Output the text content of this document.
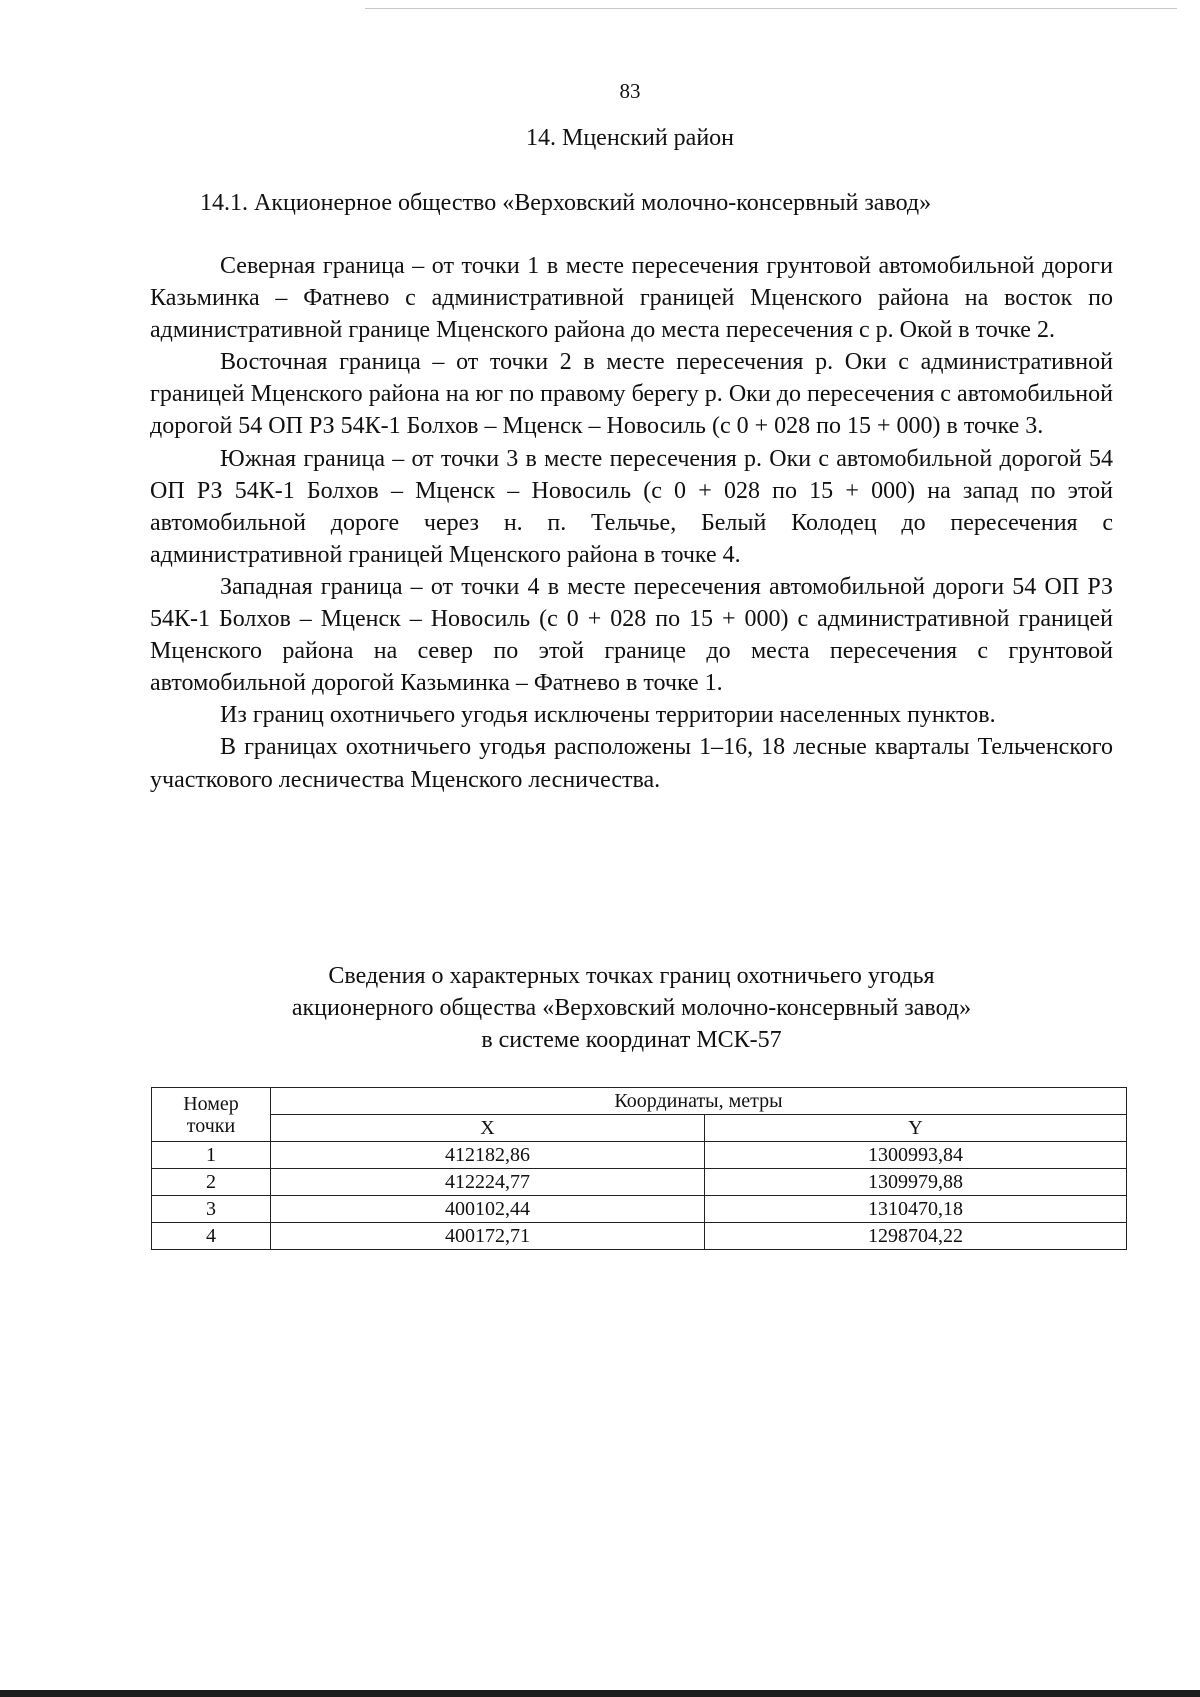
83
14. Мценский район
14.1. Акционерное общество «Верховский молочно-консервный завод»

Северная граница – от точки 1 в месте пересечения грунтовой автомобильной дороги Казьминка – Фатнево с административной границей Мценского района на восток по административной границе Мценского района до места пересечения с р. Окой в точке 2.

Восточная граница – от точки 2 в месте пересечения р. Оки с административной границей Мценского района на юг по правому берегу р. Оки до пересечения с автомобильной дорогой 54 ОП РЗ 54К-1 Болхов – Мценск – Новосиль (с 0 + 028 по 15 + 000) в точке 3.

Южная граница – от точки 3 в месте пересечения р. Оки с автомобильной дорогой 54 ОП РЗ 54К-1 Болхов – Мценск – Новосиль (с 0 + 028 по 15 + 000) на запад по этой автомобильной дороге через н. п. Тельчье, Белый Колодец до пересечения с административной границей Мценского района в точке 4.

Западная граница – от точки 4 в месте пересечения автомобильной дороги 54 ОП РЗ 54К-1 Болхов – Мценск – Новосиль (с 0 + 028 по 15 + 000) с административной границей Мценского района на север по этой границе до места пересечения с грунтовой автомобильной дорогой Казьминка – Фатнево в точке 1.

Из границ охотничьего угодья исключены территории населенных пунктов.

В границах охотничьего угодья расположены 1–16, 18 лесные кварталы Тельченского участкового лесничества Мценского лесничества.

Сведения о характерных точках границ охотничьего угодья
акционерного общества «Верховский молочно-консервный завод»
в системе координат МСК-57
Номер
точки	Координаты, метры	
	X	Y
1	412182,86	1300993,84
2	412224,77	1309979,88
3	400102,44	1310470,18
4	400172,71	1298704,22
